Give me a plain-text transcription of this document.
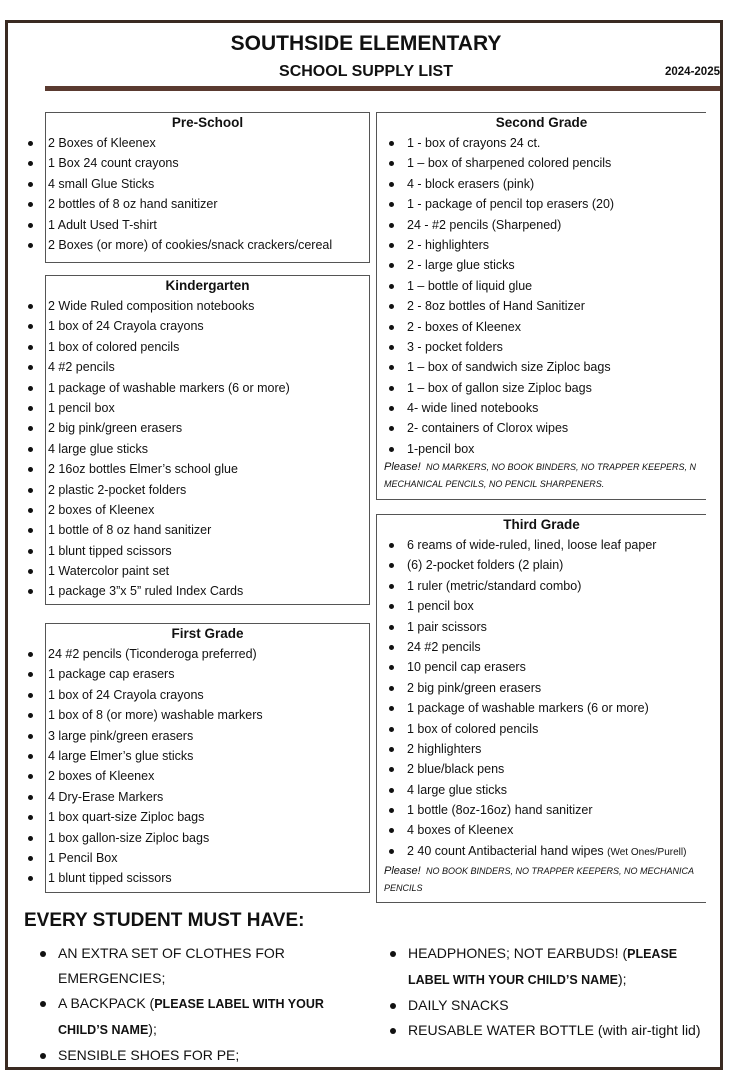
SOUTHSIDE ELEMENTARY
SCHOOL SUPPLY LIST	2024-2025
Pre-School
2 Boxes of Kleenex
1 Box 24 count crayons
4 small Glue Sticks
2 bottles of 8 oz hand sanitizer
1 Adult Used T-shirt
2 Boxes (or more) of cookies/snack crackers/cereal
Kindergarten
2 Wide Ruled composition notebooks
1 box of 24 Crayola crayons
1 box of colored pencils
4 #2 pencils
1 package of washable markers (6 or more)
1 pencil box
2 big pink/green erasers
4 large glue sticks
2 16oz bottles Elmer’s school glue
2 plastic 2-pocket folders
2 boxes of Kleenex
1 bottle of 8 oz hand sanitizer
1 blunt tipped scissors
1 Watercolor paint set
1 package 3”x 5” ruled Index Cards
First Grade
24 #2 pencils (Ticonderoga preferred)
1 package cap erasers
1 box of 24 Crayola crayons
1 box of 8 (or more) washable markers
3 large pink/green erasers
4 large Elmer’s glue sticks
2 boxes of Kleenex
4 Dry-Erase Markers
1 box quart-size Ziploc bags
1 box gallon-size Ziploc bags
1 Pencil Box
1 blunt tipped scissors
Second Grade
1 - box of crayons 24 ct.
1 – box of sharpened colored pencils
4 - block erasers (pink)
1 - package of pencil top erasers (20)
24 - #2 pencils (Sharpened)
2 - highlighters
2 - large glue sticks
1 – bottle of liquid glue
2 - 8oz bottles of Hand Sanitizer
2 - boxes of Kleenex
3 - pocket folders
1 – box of sandwich size Ziploc bags
1 – box of gallon size Ziploc bags
4- wide lined notebooks
2- containers of Clorox wipes
1-pencil box
Please! NO MARKERS, NO BOOK BINDERS, NO TRAPPER KEEPERS, N
MECHANICAL PENCILS, NO PENCIL SHARPENERS.
Third Grade
6 reams of wide-ruled, lined, loose leaf paper
(6) 2-pocket folders (2 plain)
1 ruler (metric/standard combo)
1 pencil box
1 pair scissors
24 #2 pencils
10 pencil cap erasers
2 big pink/green erasers
1 package of washable markers (6 or more)
1 box of colored pencils
2 highlighters
2 blue/black pens
4 large glue sticks
1 bottle (8oz-16oz) hand sanitizer
4 boxes of Kleenex
2 40 count Antibacterial hand wipes (Wet Ones/Purell)
Please! NO BOOK BINDERS, NO TRAPPER KEEPERS, NO MECHANICA
PENCILS
EVERY STUDENT MUST HAVE:
AN EXTRA SET OF CLOTHES FOR EMERGENCIES;
A BACKPACK (PLEASE LABEL WITH YOUR CHILD’S NAME);
SENSIBLE SHOES FOR PE;
HEADPHONES; NOT EARBUDS! (PLEASE LABEL WITH YOUR CHILD’S NAME);
DAILY SNACKS
REUSABLE WATER BOTTLE (with air-tight lid)
